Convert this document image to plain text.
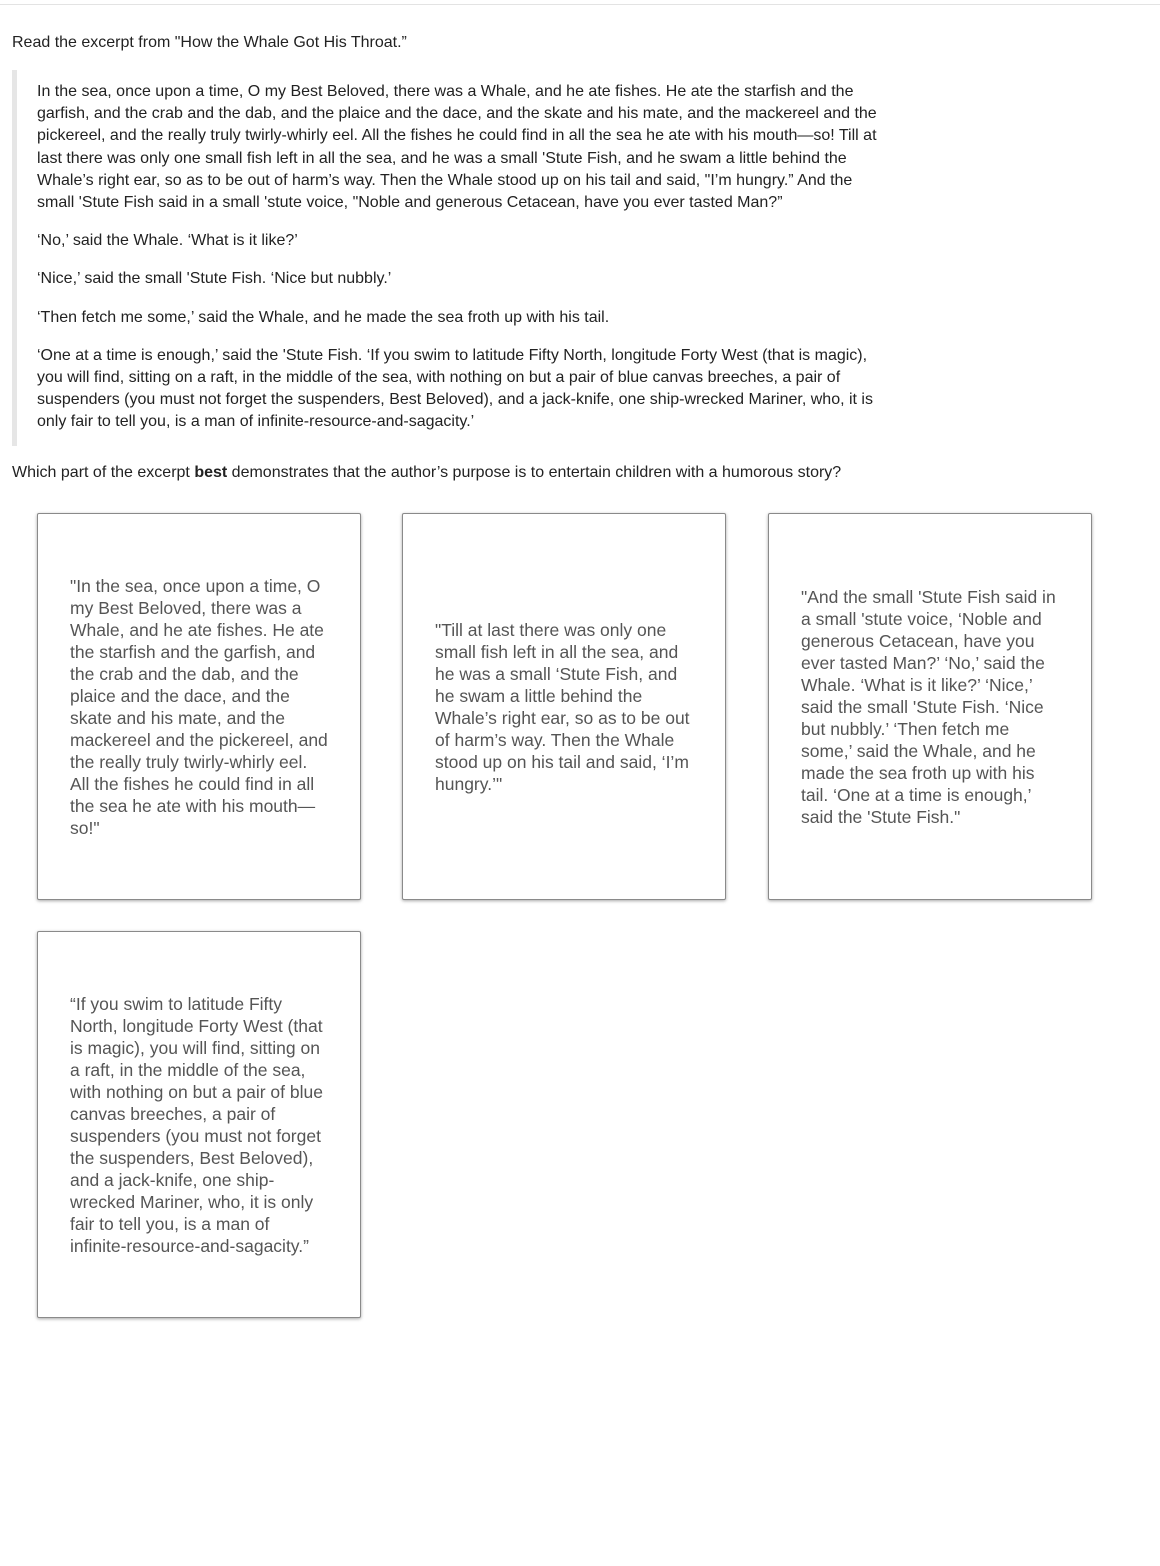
Read the excerpt from "How the Whale Got His Throat.”

In the sea, once upon a time, O my Best Beloved, there was a Whale, and he ate fishes. He ate the starfish and the garfish, and the crab and the dab, and the plaice and the dace, and the skate and his mate, and the mackereel and the pickereel, and the really truly twirly-whirly eel. All the fishes he could find in all the sea he ate with his mouth—so! Till at last there was only one small fish left in all the sea, and he was a small 'Stute Fish, and he swam a little behind the Whale’s right ear, so as to be out of harm’s way. Then the Whale stood up on his tail and said, "I’m hungry.” And the small 'Stute Fish said in a small 'stute voice, "Noble and generous Cetacean, have you ever tasted Man?”

‘No,’ said the Whale. ‘What is it like?’

‘Nice,’ said the small 'Stute Fish. ‘Nice but nubbly.’

‘Then fetch me some,’ said the Whale, and he made the sea froth up with his tail.

‘One at a time is enough,’ said the 'Stute Fish. ‘If you swim to latitude Fifty North, longitude Forty West (that is magic), you will find, sitting on a raft, in the middle of the sea, with nothing on but a pair of blue canvas breeches, a pair of suspenders (you must not forget the suspenders, Best Beloved), and a jack-knife, one ship-wrecked Mariner, who, it is only fair to tell you, is a man of infinite-resource-and-sagacity.’

Which part of the excerpt best demonstrates that the author’s purpose is to entertain children with a humorous story?

"In the sea, once upon a time, O my Best Beloved, there was a Whale, and he ate fishes. He ate the starfish and the garfish, and the crab and the dab, and the plaice and the dace, and the skate and his mate, and the mackereel and the pickereel, and the really truly twirly-whirly eel. All the fishes he could find in all the sea he ate with his mouth—so!"
"Till at last there was only one small fish left in all the sea, and he was a small ‘Stute Fish, and he swam a little behind the Whale’s right ear, so as to be out of harm’s way. Then the Whale stood up on his tail and said, ‘I’m hungry.’"
"And the small 'Stute Fish said in a small 'stute voice, ‘Noble and generous Cetacean, have you ever tasted Man?’ ‘No,’ said the Whale. ‘What is it like?’ ‘Nice,’ said the small 'Stute Fish. ‘Nice but nubbly.’ ‘Then fetch me some,’ said the Whale, and he made the sea froth up with his tail. ‘One at a time is enough,’ said the 'Stute Fish."
“If you swim to latitude Fifty North, longitude Forty West (that is magic), you will find, sitting on a raft, in the middle of the sea, with nothing on but a pair of blue canvas breeches, a pair of suspenders (you must not forget the suspenders, Best Beloved), and a jack-knife, one ship-wrecked Mariner, who, it is only fair to tell you, is a man of infinite-resource-and-sagacity.”
